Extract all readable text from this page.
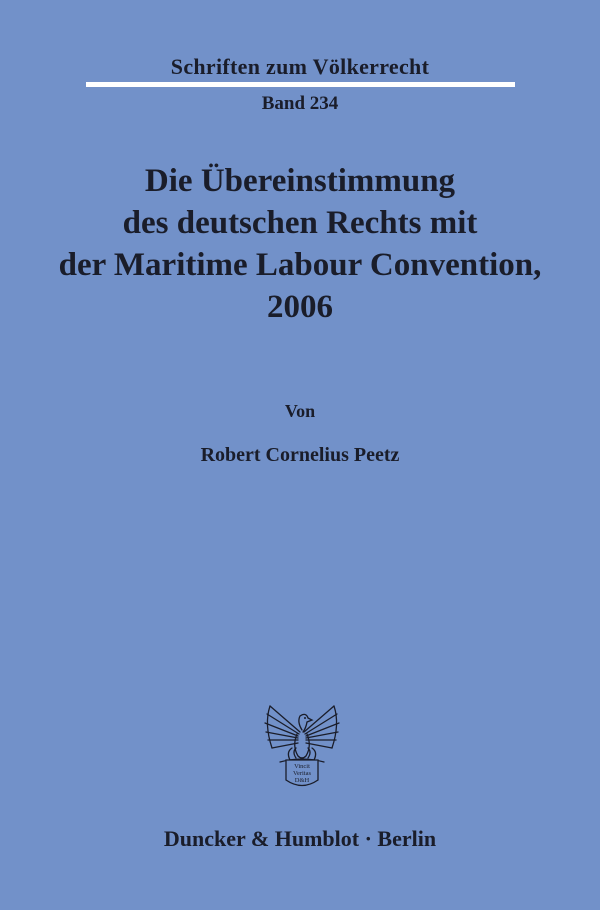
Schriften zum Völkerrecht
Band 234
Die Übereinstimmung
des deutschen Rechts mit
der Maritime Labour Convention,
2006
Von
Robert Cornelius Peetz
Vincit
Veritas
D&H
Duncker & Humblot · Berlin
